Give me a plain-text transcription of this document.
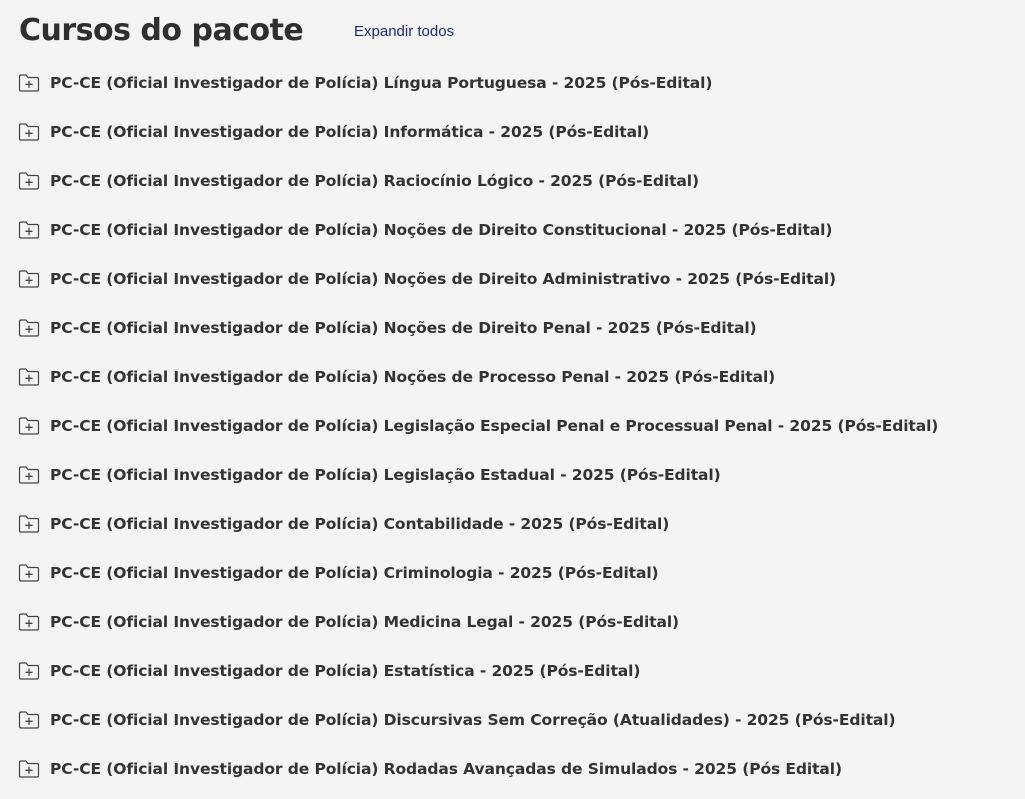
Cursos do pacote	Expandir todos
PC-CE (Oficial Investigador de Polícia) Língua Portuguesa - 2025 (Pós-Edital)
PC-CE (Oficial Investigador de Polícia) Informática - 2025 (Pós-Edital)
PC-CE (Oficial Investigador de Polícia) Raciocínio Lógico - 2025 (Pós-Edital)
PC-CE (Oficial Investigador de Polícia) Noções de Direito Constitucional - 2025 (Pós-Edital)
PC-CE (Oficial Investigador de Polícia) Noções de Direito Administrativo - 2025 (Pós-Edital)
PC-CE (Oficial Investigador de Polícia) Noções de Direito Penal - 2025 (Pós-Edital)
PC-CE (Oficial Investigador de Polícia) Noções de Processo Penal - 2025 (Pós-Edital)
PC-CE (Oficial Investigador de Polícia) Legislação Especial Penal e Processual Penal - 2025 (Pós-Edital)
PC-CE (Oficial Investigador de Polícia) Legislação Estadual - 2025 (Pós-Edital)
PC-CE (Oficial Investigador de Polícia) Contabilidade - 2025 (Pós-Edital)
PC-CE (Oficial Investigador de Polícia) Criminologia - 2025 (Pós-Edital)
PC-CE (Oficial Investigador de Polícia) Medicina Legal - 2025 (Pós-Edital)
PC-CE (Oficial Investigador de Polícia) Estatística - 2025 (Pós-Edital)
PC-CE (Oficial Investigador de Polícia) Discursivas Sem Correção (Atualidades) - 2025 (Pós-Edital)
PC-CE (Oficial Investigador de Polícia) Rodadas Avançadas de Simulados - 2025 (Pós Edital)
